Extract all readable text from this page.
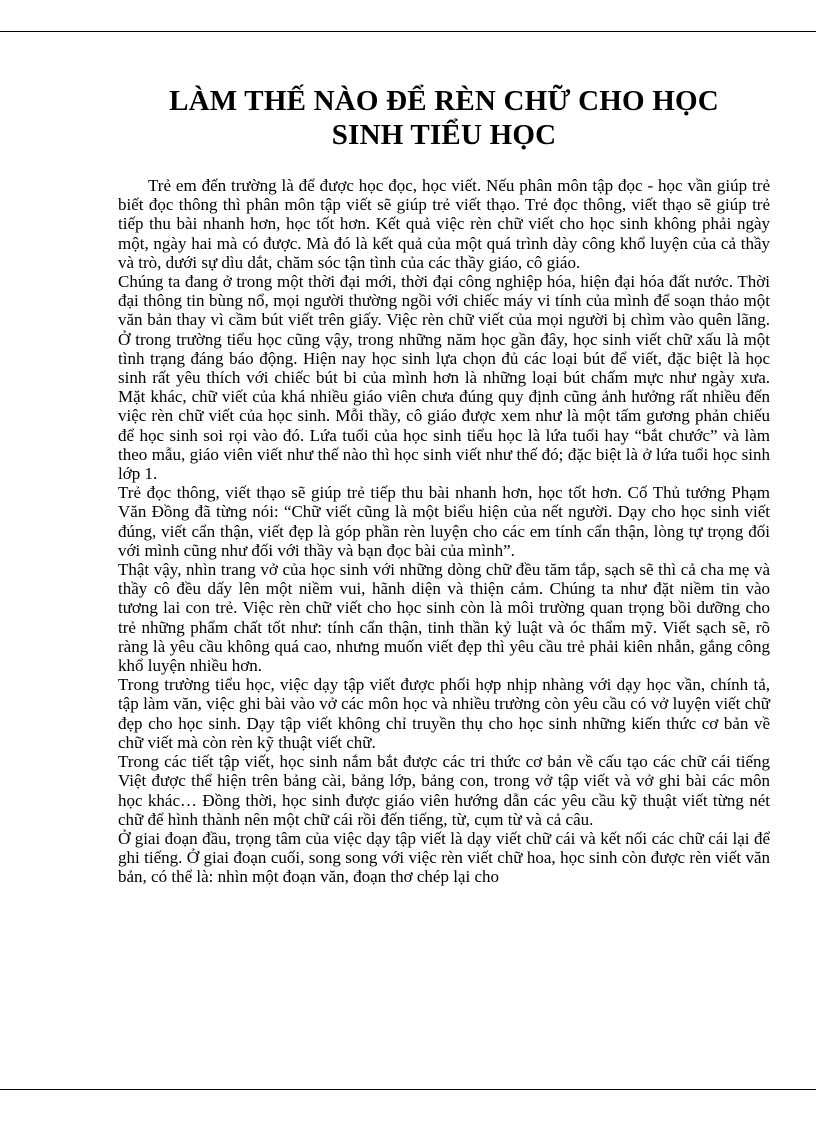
LÀM THẾ NÀO ĐỂ RÈN CHỮ CHO HỌC
SINH TIỂU HỌC

Trẻ em đến trường là để được học đọc, học viết. Nếu phân môn tập đọc - học vần giúp trẻ biết đọc thông thì phân môn tập viết sẽ giúp trẻ viết thạo. Trẻ đọc thông, viết thạo sẽ giúp trẻ tiếp thu bài nhanh hơn, học tốt hơn. Kết quả việc rèn chữ viết cho học sinh không phải ngày một, ngày hai mà có được. Mà đó là kết quả của một quá trình dày công khổ luyện của cả thầy và trò, dưới sự dìu dắt, chăm sóc tận tình của các thầy giáo, cô giáo.

Chúng ta đang ở trong một thời đại mới, thời đại công nghiệp hóa, hiện đại hóa đất nước. Thời đại thông tin bùng nổ, mọi người thường ngồi với chiếc máy vi tính của mình để soạn thảo một văn bản thay vì cầm bút viết trên giấy. Việc rèn chữ viết của mọi người bị chìm vào quên lãng. Ở trong trường tiểu học cũng vậy, trong những năm học gần đây, học sinh viết chữ xấu là một tình trạng đáng báo động. Hiện nay học sinh lựa chọn đủ các loại bút để viết, đặc biệt là học sinh rất yêu thích với chiếc bút bi của mình hơn là những loại bút chấm mực như ngày xưa. Mặt khác, chữ viết của khá nhiều giáo viên chưa đúng quy định cũng ảnh hưởng rất nhiều đến việc rèn chữ viết của học sinh. Mỗi thầy, cô giáo được xem như là một tấm gương phản chiếu để học sinh soi rọi vào đó. Lứa tuổi của học sinh tiểu học là lứa tuổi hay “bắt chước” và làm theo mẫu, giáo viên viết như thế nào thì học sinh viết như thế đó; đặc biệt là ở lứa tuổi học sinh lớp 1.

Trẻ đọc thông, viết thạo sẽ giúp trẻ tiếp thu bài nhanh hơn, học tốt hơn. Cố Thủ tướng Phạm Văn Đồng đã từng nói: “Chữ viết cũng là một biểu hiện của nết người. Dạy cho học sinh viết đúng, viết cẩn thận, viết đẹp là góp phần rèn luyện cho các em tính cẩn thận, lòng tự trọng đối với mình cũng như đối với thầy và bạn đọc bài của mình”.

Thật vậy, nhìn trang vở của học sinh với những dòng chữ đều tăm tắp, sạch sẽ thì cả cha mẹ và thầy cô đều dấy lên một niềm vui, hãnh diện và thiện cảm. Chúng ta như đặt niềm tin vào tương lai con trẻ. Việc rèn chữ viết cho học sinh còn là môi trường quan trọng bồi dưỡng cho trẻ những phẩm chất tốt như: tính cẩn thận, tinh thần kỷ luật và óc thẩm mỹ. Viết sạch sẽ, rõ ràng là yêu cầu không quá cao, nhưng muốn viết đẹp thì yêu cầu trẻ phải kiên nhẫn, gắng công khổ luyện nhiều hơn.

Trong trường tiểu học, việc dạy tập viết được phối hợp nhịp nhàng với dạy học vần, chính tả, tập làm văn, việc ghi bài vào vở các môn học và nhiều trường còn yêu cầu có vở luyện viết chữ đẹp cho học sinh. Dạy tập viết không chỉ truyền thụ cho học sinh những kiến thức cơ bản về chữ viết mà còn rèn kỹ thuật viết chữ.

Trong các tiết tập viết, học sinh nắm bắt được các tri thức cơ bản về cấu tạo các chữ cái tiếng Việt được thể hiện trên bảng cài, bảng lớp, bảng con, trong vở tập viết và vở ghi bài các môn học khác… Đồng thời, học sinh được giáo viên hướng dẫn các yêu cầu kỹ thuật viết từng nét chữ để hình thành nên một chữ cái rồi đến tiếng, từ, cụm từ và cả câu.

Ở giai đoạn đầu, trọng tâm của việc dạy tập viết là dạy viết chữ cái và kết nối các chữ cái lại để ghi tiếng. Ở giai đoạn cuối, song song với việc rèn viết chữ hoa, học sinh còn được rèn viết văn bản, có thể là: nhìn một đoạn văn, đoạn thơ chép lại cho
